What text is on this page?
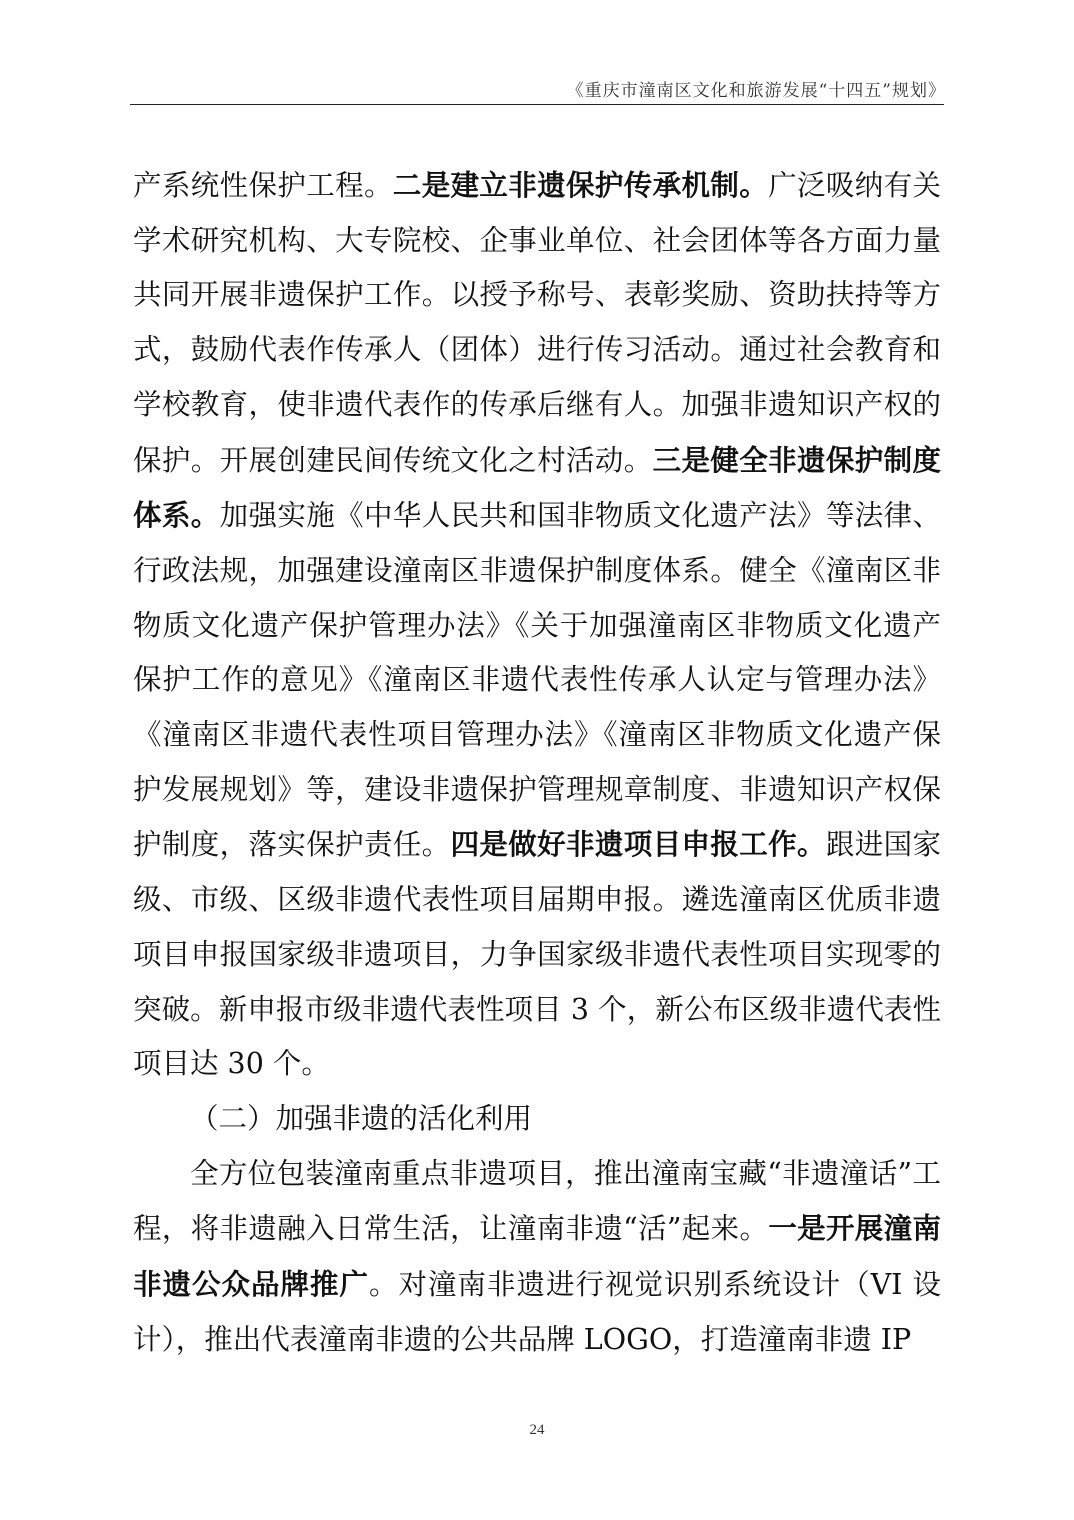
《重庆市潼南区文化和旅游发展“十四五”规划》

产系统性保护工程。二是建立非遗保护传承机制。广泛吸纳有关学术研究机构、大专院校、企事业单位、社会团体等各方面力量共同开展非遗保护工作。以授予称号、表彰奖励、资助扶持等方式，鼓励代表作传承人（团体）进行传习活动。通过社会教育和学校教育，使非遗代表作的传承后继有人。加强非遗知识产权的保护。开展创建民间传统文化之村活动。三是健全非遗保护制度体系。加强实施《中华人民共和国非物质文化遗产法》等法律、行政法规，加强建设潼南区非遗保护制度体系。健全《潼南区非物质文化遗产保护管理办法》《关于加强潼南区非物质文化遗产保护工作的意见》《潼南区非遗代表性传承人认定与管理办法》《潼南区非遗代表性项目管理办法》《潼南区非物质文化遗产保护发展规划》等，建设非遗保护管理规章制度、非遗知识产权保护制度，落实保护责任。四是做好非遗项目申报工作。跟进国家级、市级、区级非遗代表性项目届期申报。遴选潼南区优质非遗项目申报国家级非遗项目，力争国家级非遗代表性项目实现零的突破。新申报市级非遗代表性项目 3 个，新公布区级非遗代表性项目达 30 个。

（二）加强非遗的活化利用

全方位包装潼南重点非遗项目，推出潼南宝藏“非遗潼话”工程，将非遗融入日常生活，让潼南非遗“活”起来。一是开展潼南非遗公众品牌推广。对潼南非遗进行视觉识别系统设计（VI 设计），推出代表潼南非遗的公共品牌 LOGO，打造潼南非遗 IP

24
